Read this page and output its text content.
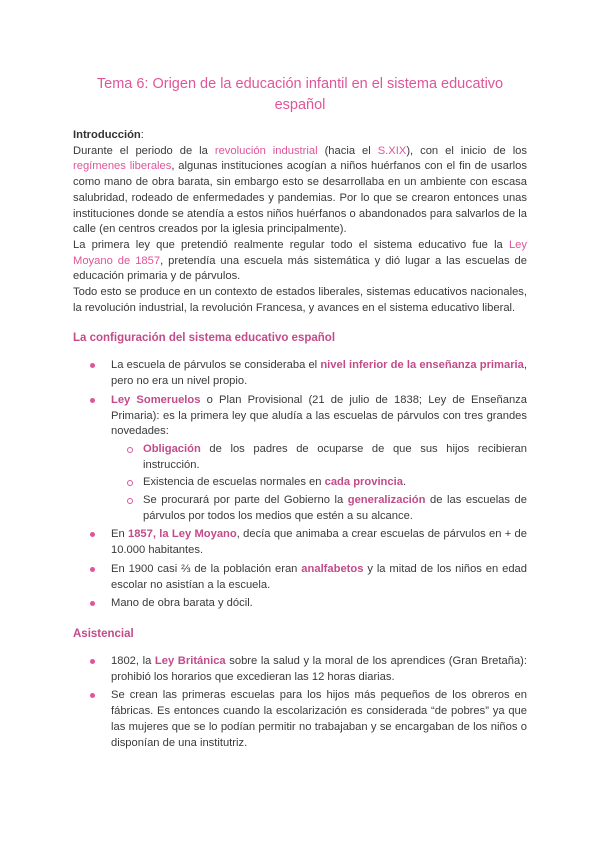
Tema 6: Origen de la educación infantil en el sistema educativo español

Introducción:

Durante el periodo de la revolución industrial (hacia el S.XIX), con el inicio de los regímenes liberales, algunas instituciones acogían a niños huérfanos con el fin de usarlos como mano de obra barata, sin embargo esto se desarrollaba en un ambiente con escasa salubridad, rodeado de enfermedades y pandemias. Por lo que se crearon entonces unas instituciones donde se atendía a estos niños huérfanos o abandonados para salvarlos de la calle (en centros creados por la iglesia principalmente).

La primera ley que pretendió realmente regular todo el sistema educativo fue la Ley Moyano de 1857, pretendía una escuela más sistemática y dió lugar a las escuelas de educación primaria y de párvulos.

Todo esto se produce en un contexto de estados liberales, sistemas educativos nacionales, la revolución industrial, la revolución Francesa, y avances en el sistema educativo liberal.

La configuración del sistema educativo español
La escuela de párvulos se consideraba el nivel inferior de la enseñanza primaria, pero no era un nivel propio.
Ley Someruelos o Plan Provisional (21 de julio de 1838; Ley de Enseñanza Primaria): es la primera ley que aludía a las escuelas de párvulos con tres grandes novedades:
Obligación de los padres de ocuparse de que sus hijos recibieran instrucción.
Existencia de escuelas normales en cada provincia.
Se procurará por parte del Gobierno la generalización de las escuelas de párvulos por todos los medios que estén a su alcance.
En 1857, la Ley Moyano, decía que animaba a crear escuelas de párvulos en + de 10.000 habitantes.
En 1900 casi ⅔ de la población eran analfabetos y la mitad de los niños en edad escolar no asistían a la escuela.
Mano de obra barata y dócil.
Asistencial
1802, la Ley Británica sobre la salud y la moral de los aprendices (Gran Bretaña): prohibió los horarios que excedieran las 12 horas diarias.
Se crean las primeras escuelas para los hijos más pequeños de los obreros en fábricas. Es entonces cuando la escolarización es considerada “de pobres” ya que las mujeres que se lo podían permitir no trabajaban y se encargaban de los niños o disponían de una institutriz.
